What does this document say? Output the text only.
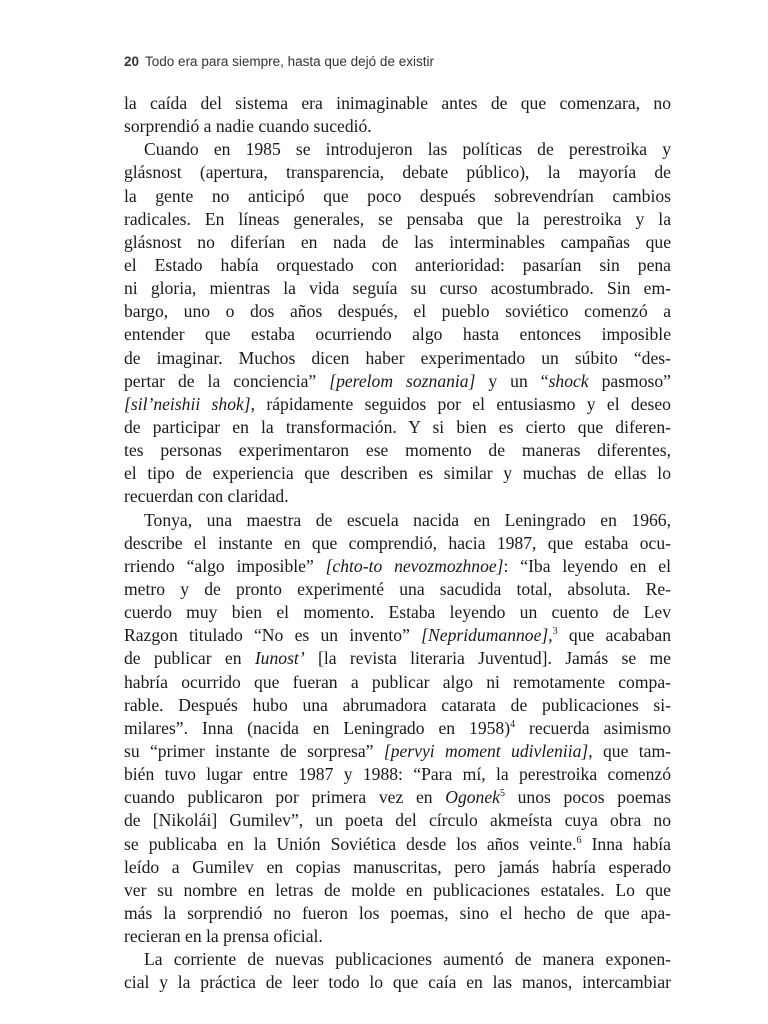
20 Todo era para siempre, hasta que dejó de existir
la caída del sistema era inimaginable antes de que comenzara, no
sorprendió a nadie cuando sucedió.
Cuando en 1985 se introdujeron las políticas de perestroika y
glásnost (apertura, transparencia, debate público), la mayoría de
la gente no anticipó que poco después sobrevendrían cambios
radicales. En líneas generales, se pensaba que la perestroika y la
glásnost no diferían en nada de las interminables campañas que
el Estado había orquestado con anterioridad: pasarían sin pena
ni gloria, mientras la vida seguía su curso acostumbrado. Sin em-
bargo, uno o dos años después, el pueblo soviético comenzó a
entender que estaba ocurriendo algo hasta entonces imposible
de imaginar. Muchos dicen haber experimentado un súbito “des-
pertar de la conciencia” [perelom soznania] y un “shock pasmoso”
[sil’neishii shok], rápidamente seguidos por el entusiasmo y el deseo
de participar en la transformación. Y si bien es cierto que diferen-
tes personas experimentaron ese momento de maneras diferentes,
el tipo de experiencia que describen es similar y muchas de ellas lo
recuerdan con claridad.
Tonya, una maestra de escuela nacida en Leningrado en 1966,
describe el instante en que comprendió, hacia 1987, que estaba ocu-
rriendo “algo imposible” [chto-to nevozmozhnoe]: “Iba leyendo en el
metro y de pronto experimenté una sacudida total, absoluta. Re-
cuerdo muy bien el momento. Estaba leyendo un cuento de Lev
Razgon titulado “No es un invento” [Nepridumannoe],$^3$ que acababan
de publicar en Iunost’ [la revista literaria Juventud]. Jamás se me
habría ocurrido que fueran a publicar algo ni remotamente compa-
rable. Después hubo una abrumadora catarata de publicaciones si-
milares”. Inna (nacida en Leningrado en 1958)$^4$ recuerda asimismo
su “primer instante de sorpresa” [pervyi moment udivleniia], que tam-
bién tuvo lugar entre 1987 y 1988: “Para mí, la perestroika comenzó
cuando publicaron por primera vez en Ogonek$^5$ unos pocos poemas
de [Nikolái] Gumilev”, un poeta del círculo akmeísta cuya obra no
se publicaba en la Unión Soviética desde los años veinte.$^6$ Inna había
leído a Gumilev en copias manuscritas, pero jamás habría esperado
ver su nombre en letras de molde en publicaciones estatales. Lo que
más la sorprendió no fueron los poemas, sino el hecho de que apa-
recieran en la prensa oficial.
La corriente de nuevas publicaciones aumentó de manera exponen-
cial y la práctica de leer todo lo que caía en las manos, intercambiar
